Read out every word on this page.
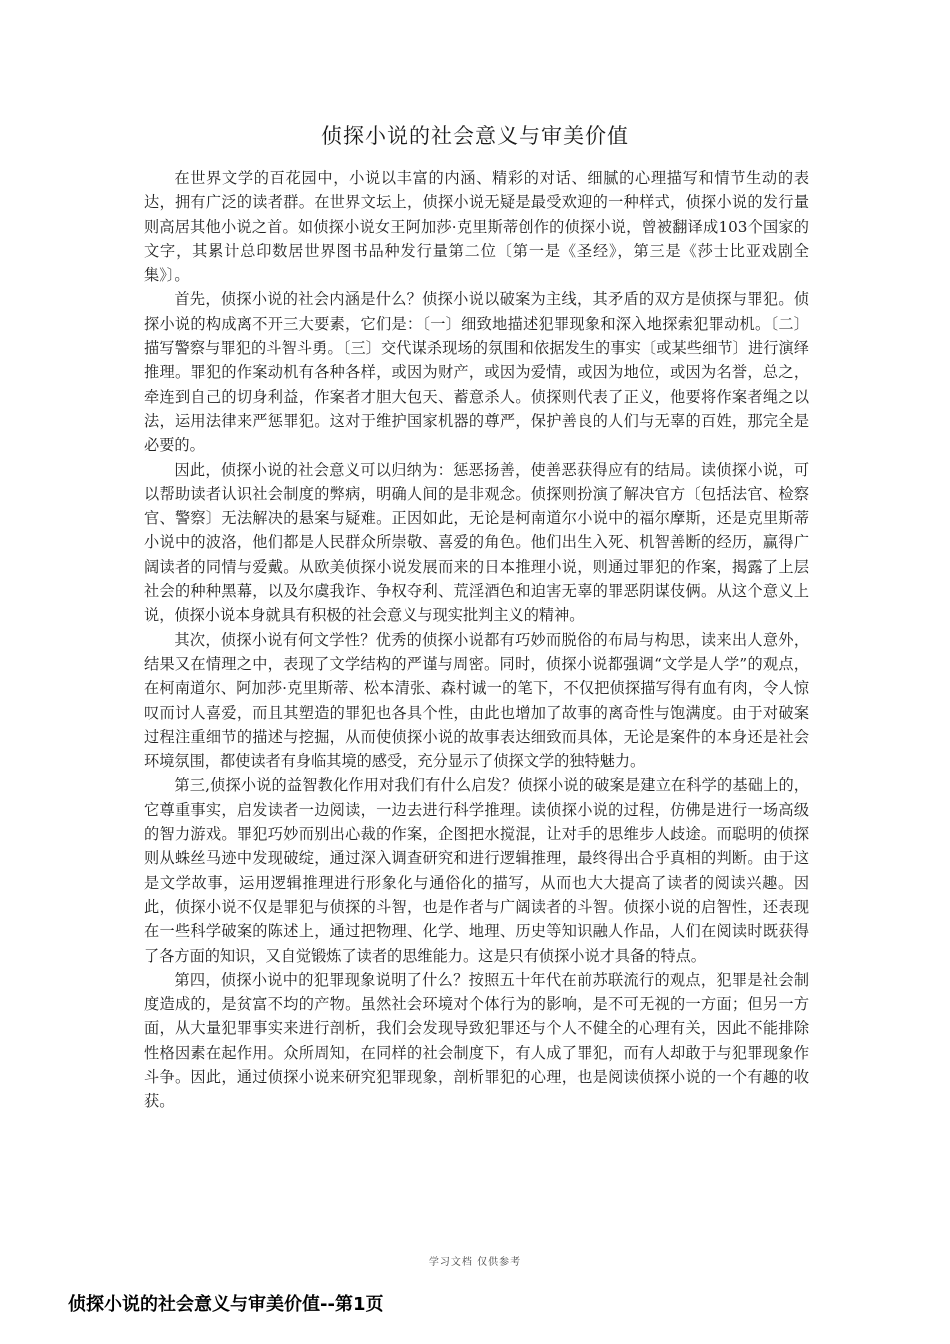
侦探小说的社会意义与审美价值

在世界文学的百花园中，小说以丰富的内涵、精彩的对话、细腻的心理描写和情节生动的表达，拥有广泛的读者群。在世界文坛上，侦探小说无疑是最受欢迎的一种样式，侦探小说的发行量则高居其他小说之首。如侦探小说女王阿加莎·克里斯蒂创作的侦探小说，曾被翻译成103个国家的文字，其累计总印数居世界图书品种发行量第二位〔第一是《圣经》，第三是《莎士比亚戏剧全集》〕。

首先，侦探小说的社会内涵是什么？侦探小说以破案为主线，其矛盾的双方是侦探与罪犯。侦探小说的构成离不开三大要素，它们是：〔一〕细致地描述犯罪现象和深入地探索犯罪动机。〔二〕描写警察与罪犯的斗智斗勇。〔三〕交代谋杀现场的氛围和依据发生的事实〔或某些细节〕进行演绎推理。罪犯的作案动机有各种各样，或因为财产，或因为爱情，或因为地位，或因为名誉，总之，牵连到自己的切身利益，作案者才胆大包天、蓄意杀人。侦探则代表了正义，他要将作案者绳之以法，运用法律来严惩罪犯。这对于维护国家机器的尊严，保护善良的人们与无辜的百姓，那完全是必要的。

因此，侦探小说的社会意义可以归纳为：惩恶扬善，使善恶获得应有的结局。读侦探小说，可以帮助读者认识社会制度的弊病，明确人间的是非观念。侦探则扮演了解决官方〔包括法官、检察官、警察〕无法解决的悬案与疑难。正因如此，无论是柯南道尔小说中的福尔摩斯，还是克里斯蒂小说中的波洛，他们都是人民群众所崇敬、喜爱的角色。他们出生入死、机智善断的经历，赢得广阔读者的同情与爱戴。从欧美侦探小说发展而来的日本推理小说，则通过罪犯的作案，揭露了上层社会的种种黑幕，以及尔虞我诈、争权夺利、荒淫酒色和迫害无辜的罪恶阴谋伎俩。从这个意义上说，侦探小说本身就具有积极的社会意义与现实批判主义的精神。

其次，侦探小说有何文学性？优秀的侦探小说都有巧妙而脱俗的布局与构思，读来出人意外，结果又在情理之中，表现了文学结构的严谨与周密。同时，侦探小说都强调“文学是人学”的观点，在柯南道尔、阿加莎·克里斯蒂、松本清张、森村诚一的笔下，不仅把侦探描写得有血有肉，令人惊叹而讨人喜爱，而且其塑造的罪犯也各具个性，由此也增加了故事的离奇性与饱满度。由于对破案过程注重细节的描述与挖掘，从而使侦探小说的故事表达细致而具体，无论是案件的本身还是社会环境氛围，都使读者有身临其境的感受，充分显示了侦探文学的独特魅力。

第三,侦探小说的益智教化作用对我们有什么启发？侦探小说的破案是建立在科学的基础上的，它尊重事实，启发读者一边阅读，一边去进行科学推理。读侦探小说的过程，仿佛是进行一场高级的智力游戏。罪犯巧妙而别出心裁的作案，企图把水搅混，让对手的思维步人歧途。而聪明的侦探则从蛛丝马迹中发现破绽，通过深入调查研究和进行逻辑推理，最终得出合乎真相的判断。由于这是文学故事，运用逻辑推理进行形象化与通俗化的描写，从而也大大提高了读者的阅读兴趣。因此，侦探小说不仅是罪犯与侦探的斗智，也是作者与广阔读者的斗智。侦探小说的启智性，还表现在一些科学破案的陈述上，通过把物理、化学、地理、历史等知识融人作品，人们在阅读时既获得了各方面的知识，又自觉锻炼了读者的思维能力。这是只有侦探小说才具备的特点。

第四，侦探小说中的犯罪现象说明了什么？按照五十年代在前苏联流行的观点，犯罪是社会制度造成的，是贫富不均的产物。虽然社会环境对个体行为的影响，是不可无视的一方面；但另一方面，从大量犯罪事实来进行剖析，我们会发现导致犯罪还与个人不健全的心理有关，因此不能排除性格因素在起作用。众所周知，在同样的社会制度下，有人成了罪犯，而有人却敢于与犯罪现象作斗争。因此，通过侦探小说来研究犯罪现象，剖析罪犯的心理，也是阅读侦探小说的一个有趣的收获。

学习文档 仅供参考
侦探小说的社会意义与审美价值--第1页
